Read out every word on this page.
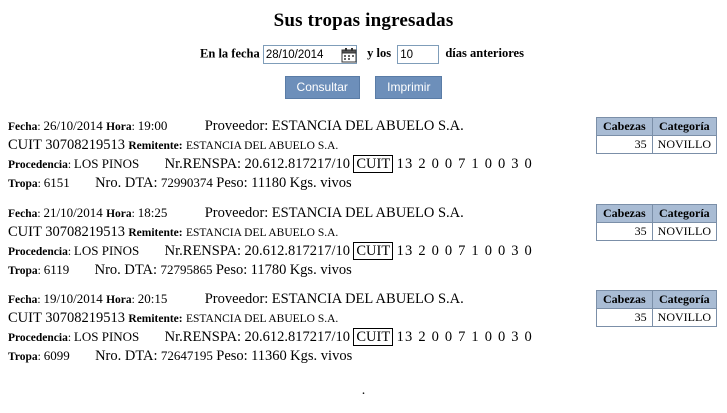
Sus tropas ingresadas
En la fecha 28/10/2014	y los 10	días anteriores
Consultar	Imprimir
Fecha: 26/10/2014 Hora: 19:00	Proveedor: ESTANCIA DEL ABUELO S.A.
CUIT 30708219513 Remitente: ESTANCIA DEL ABUELO S.A.
Procedencia: LOS PINOS Nr.RENSPA: 20.612.817217/10 CUIT 13 2 0 0 7 1 0 0 3 0
Tropa: 6151 Nro. DTA: 72990374 Peso: 11180 Kgs. vivos
Cabezas	Categoría
35	NOVILLO
Fecha: 21/10/2014 Hora: 18:25	Proveedor: ESTANCIA DEL ABUELO S.A.
CUIT 30708219513 Remitente: ESTANCIA DEL ABUELO S.A.
Procedencia: LOS PINOS Nr.RENSPA: 20.612.817217/10 CUIT 13 2 0 0 7 1 0 0 3 0
Tropa: 6119 Nro. DTA: 72795865 Peso: 11780 Kgs. vivos
Cabezas	Categoría
35	NOVILLO
Fecha: 19/10/2014 Hora: 20:15	Proveedor: ESTANCIA DEL ABUELO S.A.
CUIT 30708219513 Remitente: ESTANCIA DEL ABUELO S.A.
Procedencia: LOS PINOS Nr.RENSPA: 20.612.817217/10 CUIT 13 2 0 0 7 1 0 0 3 0
Tropa: 6099 Nro. DTA: 72647195 Peso: 11360 Kgs. vivos
Cabezas	Categoría
35	NOVILLO
.
